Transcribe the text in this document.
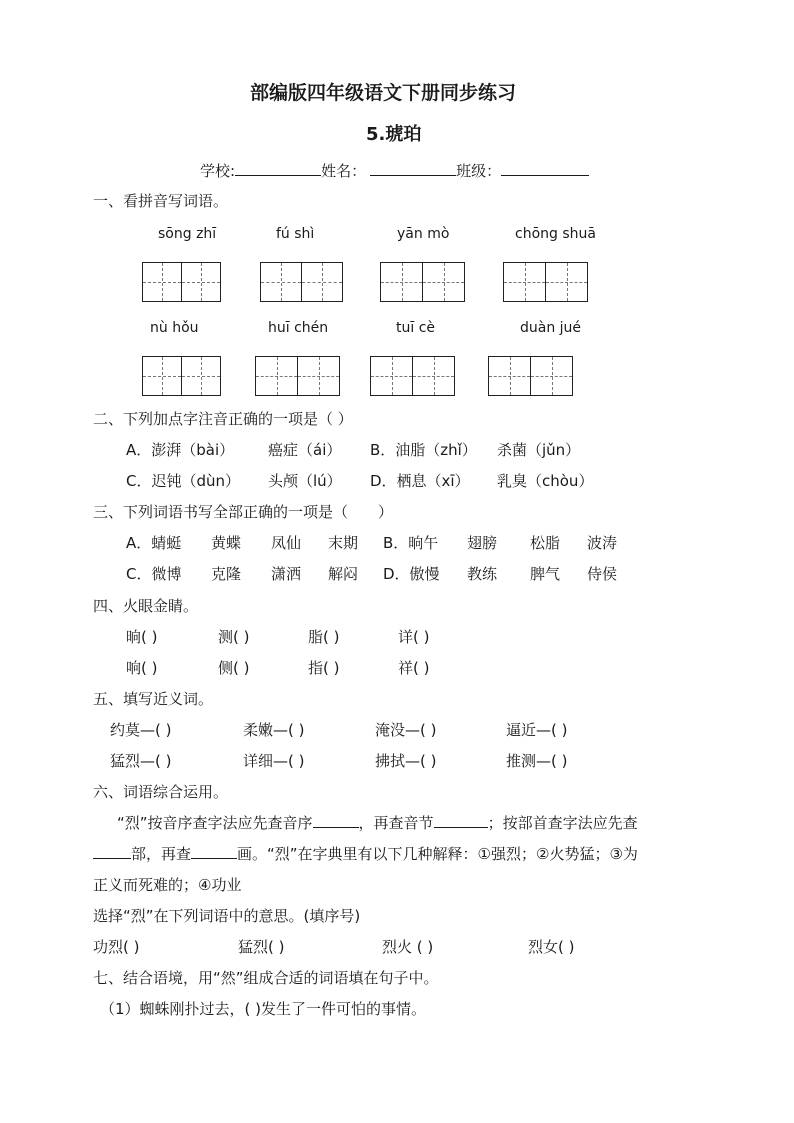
部编版四年级语文下册同步练习
5.琥珀
学校:	姓名：	班级：
一、看拼音写词语。
sōng zhī	fú shì	yān mò	chōng shuā
nù hǒu	huī chén	tuī cè	duàn jué
二、下列加点字注音正确的一项是（ ）
A．澎湃（bài） 癌症（ái） B．油脂（zhǐ） 杀菌（jǔn）
C．迟钝（dùn） 头颅（lú） D．栖息（xī） 乳臭（chòu）
三、下列词语书写全部正确的一项是（　　）
A．蜻蜓 黄蝶 凤仙 末期 B．晌午 翅膀 松脂 波涛
C．微博 克隆 潇洒 解闷 D．傲慢 教练 脾气 侍侯
四、火眼金睛。
晌( )	测( )	脂( )	详( )
响( )	侧( )	指( )	祥( )
五、填写近义词。
约莫—( )	柔嫩—( )	淹没—( )	逼近—( )
猛烈—( )	详细—( )	拂拭—( )	推测—( )
六、词语综合运用。
“烈”按音序查字法应先查音序	，再查音节	；按部首查字法应先查
部，再查	画。“烈”在字典里有以下几种解释：①强烈；②火势猛；③为
正义而死难的；④功业
选择“烈”在下列词语中的意思。(填序号)
功烈( )	猛烈( )	烈火 ( )	烈女( )
七、结合语境，用“然”组成合适的词语填在句子中。
（1）蜘蛛刚扑过去，( )发生了一件可怕的事情。
